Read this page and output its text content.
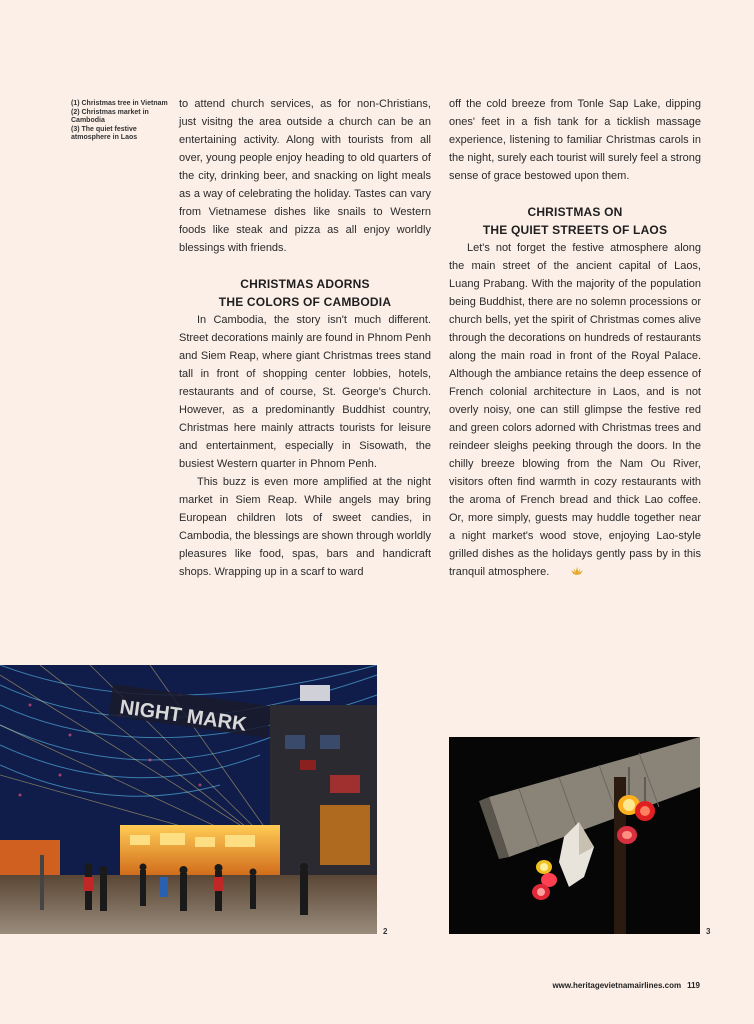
(1) Christmas tree in Vietnam
(2) Christmas market in Cambodia
(3) The quiet festive atmosphere in Laos

to attend church services, as for non-Christians, just visitng the area outside a church can be an entertaining activity. Along with tourists from all over, young people enjoy heading to old quarters of the city, drinking beer, and snacking on light meals as a way of celebrating the holiday. Tastes can vary from Vietnamese dishes like snails to Western foods like steak and pizza as all enjoy worldly blessings with friends.

CHRISTMAS ADORNS
THE COLORS OF CAMBODIA

In Cambodia, the story isn't much different. Street decorations mainly are found in Phnom Penh and Siem Reap, where giant Christmas trees stand tall in front of shopping center lobbies, hotels, restaurants and of course, St. George's Church. However, as a predominantly Buddhist country, Christmas here mainly attracts tourists for leisure and entertainment, especially in Sisowath, the busiest Western quarter in Phnom Penh.

This buzz is even more amplified at the night market in Siem Reap. While angels may bring European children lots of sweet candies, in Cambodia, the blessings are shown through worldly pleasures like food, spas, bars and handicraft shops. Wrapping up in a scarf to ward

off the cold breeze from Tonle Sap Lake, dipping ones' feet in a fish tank for a ticklish massage experience, listening to familiar Christmas carols in the night, surely each tourist will surely feel a strong sense of grace bestowed upon them.

CHRISTMAS ON
THE QUIET STREETS OF LAOS

Let's not forget the festive atmosphere along the main street of the ancient capital of Laos, Luang Prabang. With the majority of the population being Buddhist, there are no solemn processions or church bells, yet the spirit of Christmas comes alive through the decorations on hundreds of restaurants along the main road in front of the Royal Palace. Although the ambiance retains the deep essence of French colonial architecture in Laos, and is not overly noisy, one can still glimpse the festive red and green colors adorned with Christmas trees and reindeer sleighs peeking through the doors. In the chilly breeze blowing from the Nam Ou River, visitors often find warmth in cozy restaurants with the aroma of French bread and thick Lao coffee. Or, more simply, guests may huddle together near a night market's wood stove, enjoying Lao-style grilled dishes as the holidays gently pass by in this tranquil atmosphere.

NIGHT MARK
2	3
www.heritagevietnamairlines.com 119
